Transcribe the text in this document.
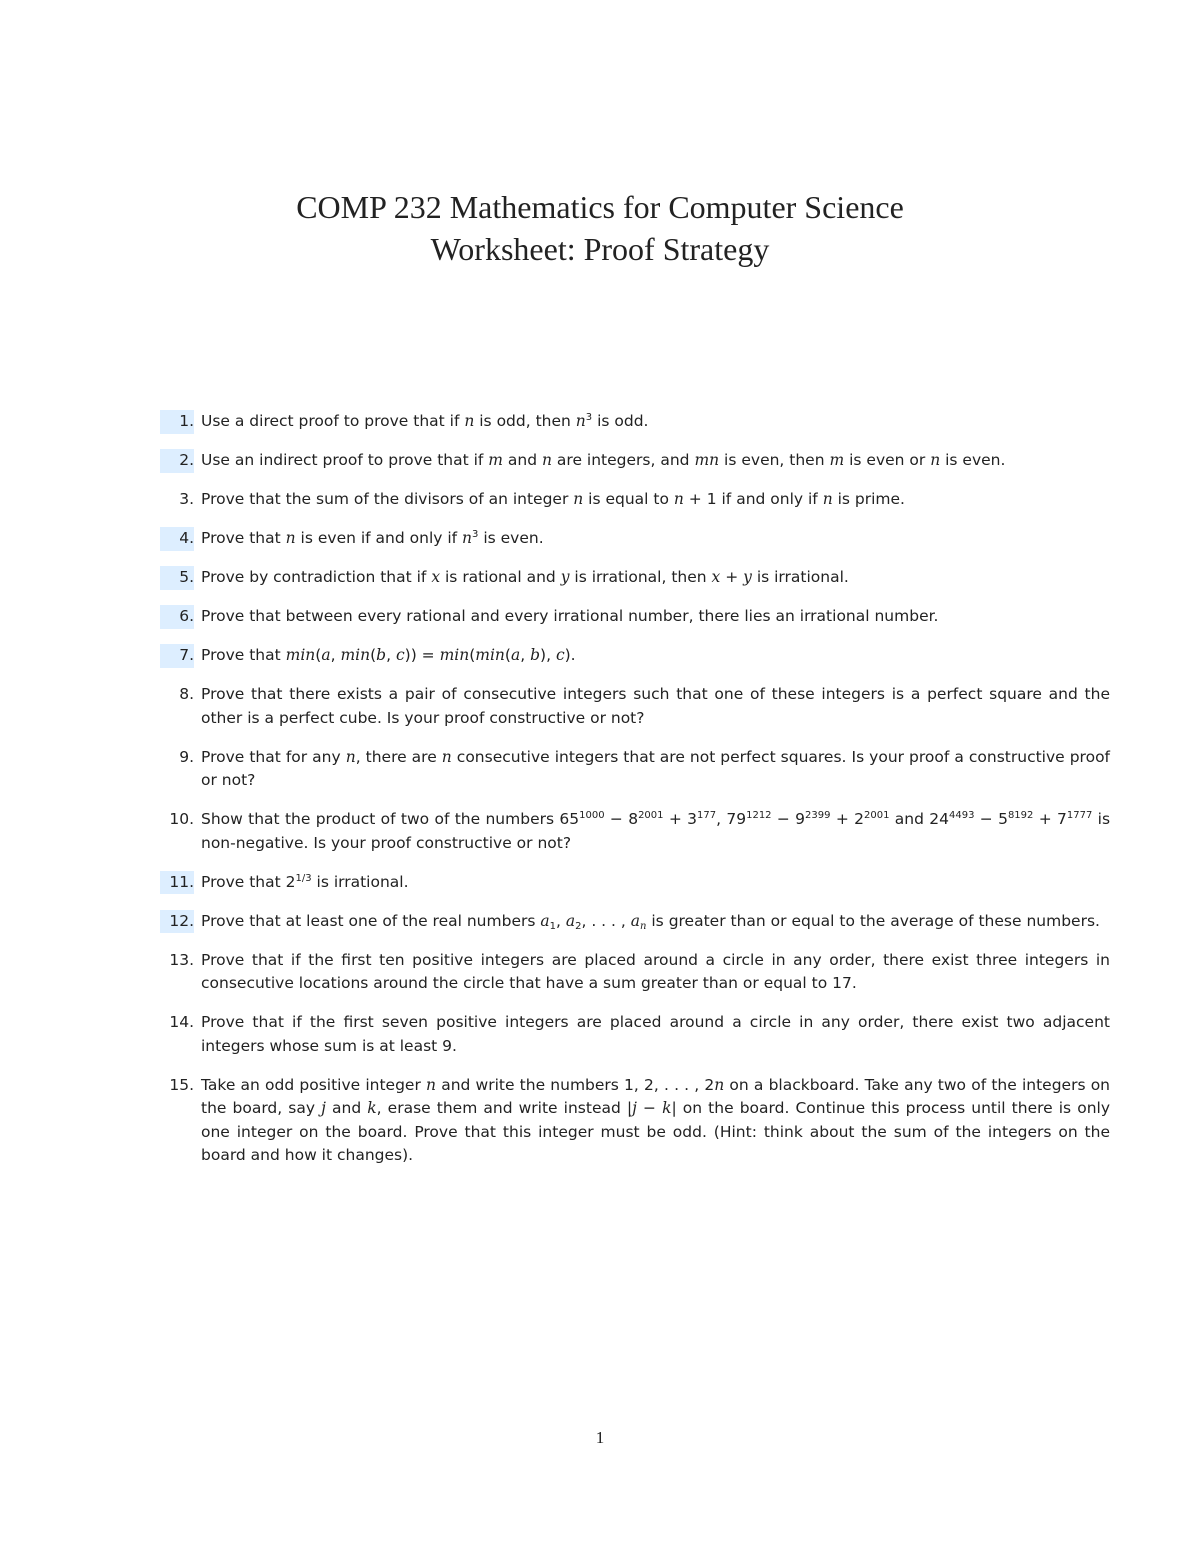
COMP 232 Mathematics for Computer Science
Worksheet: Proof Strategy
1. Use a direct proof to prove that if n is odd, then $n^3$ is odd.
2. Use an indirect proof to prove that if m and n are integers, and mn is even, then m is even or n is even.
3. Prove that the sum of the divisors of an integer n is equal to n + 1 if and only if n is prime.
4. Prove that n is even if and only if $n^3$ is even.
5. Prove by contradiction that if x is rational and y is irrational, then x + y is irrational.
6. Prove that between every rational and every irrational number, there lies an irrational number.
7. Prove that min(a, min(b, c)) = min(min(a, b), c).
8. Prove that there exists a pair of consecutive integers such that one of these integers is a perfect square and the other is a perfect cube. Is your proof constructive or not?
9. Prove that for any n, there are n consecutive integers that are not perfect squares. Is your proof a constructive proof or not?
10. Show that the product of two of the numbers $65^{1000} - 8^{2001} + 3^{177}$, $79^{1212} - 9^{2399} + 2^{2001}$ and $24^{4493} - 5^{8192} + 7^{1777}$ is non-negative. Is your proof constructive or not?
11. Prove that $2^{1/3}$ is irrational.
12. Prove that at least one of the real numbers $a_1$, $a_2$, . . . , $a_n$ is greater than or equal to the average of these numbers.
13. Prove that if the first ten positive integers are placed around a circle in any order, there exist three integers in consecutive locations around the circle that have a sum greater than or equal to 17.
14. Prove that if the first seven positive integers are placed around a circle in any order, there exist two adjacent integers whose sum is at least 9.
15. Take an odd positive integer n and write the numbers 1, 2, . . . , 2n on a blackboard. Take any two of the integers on the board, say j and k, erase them and write instead |j − k| on the board. Continue this process until there is only one integer on the board. Prove that this integer must be odd. (Hint: think about the sum of the integers on the board and how it changes).
1
